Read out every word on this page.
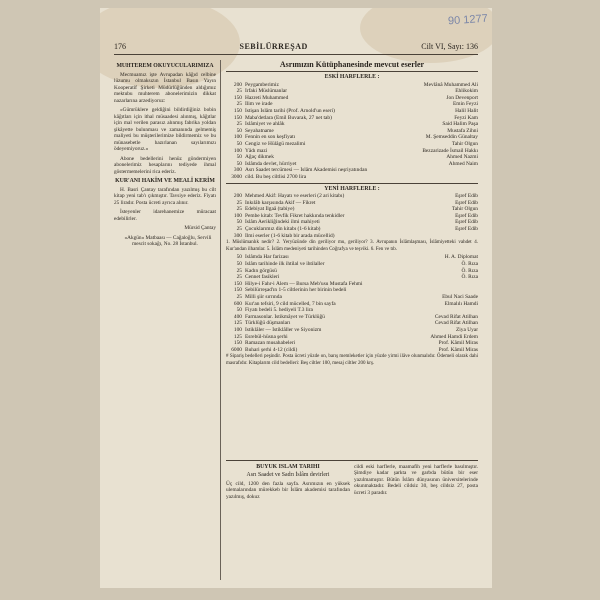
90 1277
176	SEBİLÜRREŞAD	Cilt VI, Sayı: 136
MUHTEREM OKUYUCULARIMIZA

Mecmuamız işte Avrupadan kâğıd celbine lüzumu olmaksızın İstanbul Basın Yayın Kooperatif Şirketi Müdürlüğünden aldığımız mektubu muhterem abonelerimizin dikkat nazarlarına arzediyoruz:

«Gümrüklere geldiğini bildirdiğiniz bobin kâğıtları için ithal müsaadesi alınmış, kâğıtlar için mal verilen parasız alınmış fabrika yoldan şikâyette bulunması ve zamanında gelmemiş maliyeti bu müşterilerimize bildirmemiz ve bu münasebetle hazırlanan sayılarımızı ödeyemiyoruz.»

Abone bedellerini henüz göndermiyen abonelerimiz hesaplarını tediyede ihmal göstermemelerini rica ederiz.

KUR'ANI HAKİM VE MEALİ KERİM

H. Basri Çantay tarafından yazılmış bu cilt kitap yeni tab'ı çıkmıştır. Tavsiye ederiz. Fiyatı 25 liradır. Posta ücreti ayrıca alınır.

İsteyenler idarehanemize müracaat edebilirler.

Mürsid Çantay

«Akgün» Matbaası — Cağaloğlu, Servili mescit sokağı, No. 28 İstanbul.

Asrımızın Kütüphanesinde mevcut eserler
ESKİ HARFLERLE :
200 Peygamberimiz	Mevlânâ Muhammed Ali
25 İrfaki Müslümanlar	Ehlikokim
150 Hazreti Muhammed	Jon Devenport
25 İlim ve irade	Emin Feyzi
150 İstişan İslâm tarihi (Prof. Arnold'un eseri)	Halil Halit
150 Maba'detlara (Emil Buvarak, 27 net tab)	Feyzi Kam
25 İslâmiyet ve ahlâk	Said Halim Paşa
50 Seyahatname	Mustafa Zihni
100 Fennin en son keşfiyatı	M. Şemseddin Günaltay
50 Cengiz ve Hülâgü mezalimi	Tahir Olgun
100 Yâdı mazi	Bezzarizade İsmail Hakkı
50 Ağaç dikmek	Ahmed Nazmi
50 İslâmda devlet, hürriyet	Ahmed Naim
300 Asrı Saadet tercümesi — İslâm Akademisi neşriyatından
3000 cild. Bu beş ciltlisi 2700 lira
YENİ HARFLERLE :
200 Mehmed Akif: Hayatı ve eserleri (2 ari kitabı)	Eşref Edib
25 İnkılâb karşısında Akif — Fikret	Eşref Edib
25 Edebiyat İlgaâ (tabiye)	Tahir Olgun
100 Pembe kitab: Tevfik Fikret hakkında tenkidler	Eşref Edib
50 İslâm Aerikliğindeki ilmi mahiyeti	Eşref Edib
25 Çocuklarımız din kitabı (1-6 kitab)	Eşref Edib
300 İlmi eserler (1-6 kitab bir arada mücellid)
1. Müslümanlık nedir? 2. Yeryüzünde din geriliyor mu, geriliyor? 3. Avrupanın İslâmlaşması, İslâmiyetteki vahdet 4. Kur'andan ilhamlar. 5. İslâm medeniyeti tarihinden Coğrafya ve teşviki. 6. Fen ve tıb.
50 İslâmda Har farizası	H. A. Diplomat
50 İslâm tarihinde ilk ihtilal ve ihtilaller	Ö. Rıza
25 Kadın görgüsü	Ö. Rıza
25 Cennet fasikleri	Ö. Rıza
150 Hilye-i Fahr-i Âlem — Bursa Meb'usu Mustafa Fehmi
150 Sebilürreşad'ın 1-5 ciltlerinin her birinin bedeli
25 Milli şiir sırrında	Ebul Naci Saade
600 Kur'an tefsiri, 9 cild mücelled, 7 bin sayfa	Elmalılı Hamdi
50 Fiyatı bedeli 5. hediyeli T.3 lira
400 Farmasonlar. İstikmâyet ve Türklüğü	Cevad Rifat Atilhan
125 Türklüğü düşmanları	Cevad Rifat Atilhan
100 İstiklâler — İstiklâller ve Siyonizm	Ziya Uyar
125 Esrebül-hüsna şerhi	Ahmed Hamdi Erdem
150 Ramazan musahabeleri	Prof. Kâmil Miras
6000 Buhari şerhi 4-12 (cildi)	Prof. Kâmil Miras
# Sipariş bedelleri peşindir. Posta ücreti yüzde on, barış memleketler için yüzde yirmi ilâve olunmalıdır. Ödemeli olarak dahi masrafıdır. Kitaplarım cild bedelleri: Beş ciltler 100, mesaj ciltler 200 krş.
BÜYÜK İSLÂM TARİHİ
Asrı Saadet ve Sadrı İslâm devirleri
Üç cild, 1200 den fazla sayfa. Asrımızın en yüksek ulemalarından mürekkeb bir İslâm akademisi tarafından yazılmış, dokuz
cildi eski harflerle, maamafih yeni harflerle basılmıştır. Şimdiye kadar şarkta ve garbda bütün bir eser yazılmamıştır. Bütün İslâm dünyasının üniversitelerinde okunmaktadır. Bedeli cildsiz 30, beş cildsiz 27, posta ücreti 3 paradır.
